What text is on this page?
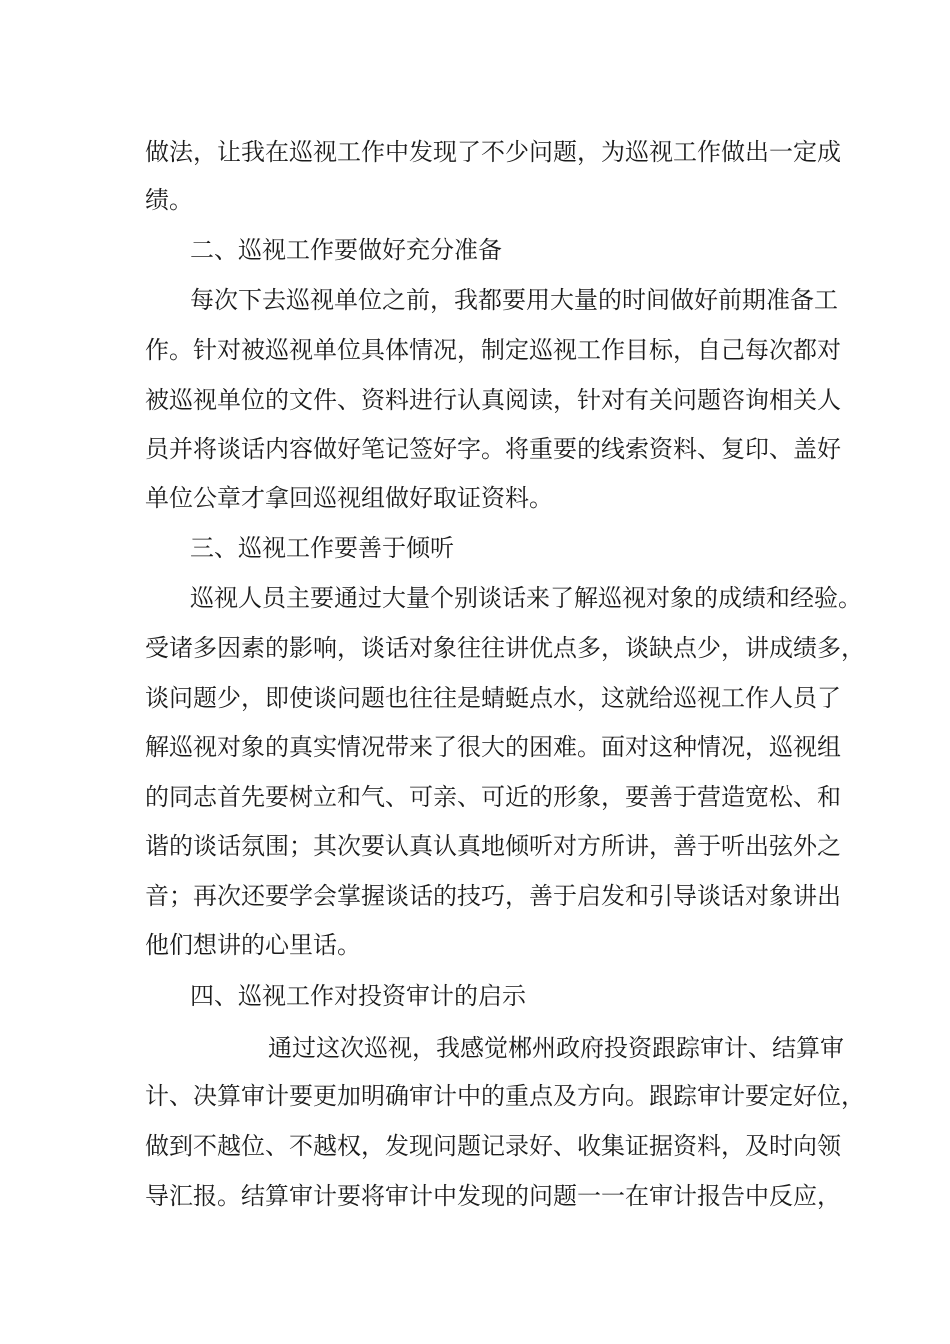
做法，让我在巡视工作中发现了不少问题，为巡视工作做出一定成
绩。
二、巡视工作要做好充分准备
每次下去巡视单位之前，我都要用大量的时间做好前期准备工
作。针对被巡视单位具体情况，制定巡视工作目标，自己每次都对
被巡视单位的文件、资料进行认真阅读，针对有关问题咨询相关人
员并将谈话内容做好笔记签好字。将重要的线索资料、复印、盖好
单位公章才拿回巡视组做好取证资料。
三、巡视工作要善于倾听
巡视人员主要通过大量个别谈话来了解巡视对象的成绩和经验。
受诸多因素的影响，谈话对象往往讲优点多，谈缺点少，讲成绩多，
谈问题少，即使谈问题也往往是蜻蜓点水，这就给巡视工作人员了
解巡视对象的真实情况带来了很大的困难。面对这种情况，巡视组
的同志首先要树立和气、可亲、可近的形象，要善于营造宽松、和
谐的谈话氛围；其次要认真认真地倾听对方所讲，善于听出弦外之
音；再次还要学会掌握谈话的技巧，善于启发和引导谈话对象讲出
他们想讲的心里话。
四、巡视工作对投资审计的启示
通过这次巡视，我感觉郴州政府投资跟踪审计、结算审
计、决算审计要更加明确审计中的重点及方向。跟踪审计要定好位，
做到不越位、不越权，发现问题记录好、收集证据资料，及时向领
导汇报。结算审计要将审计中发现的问题一一在审计报告中反应，
